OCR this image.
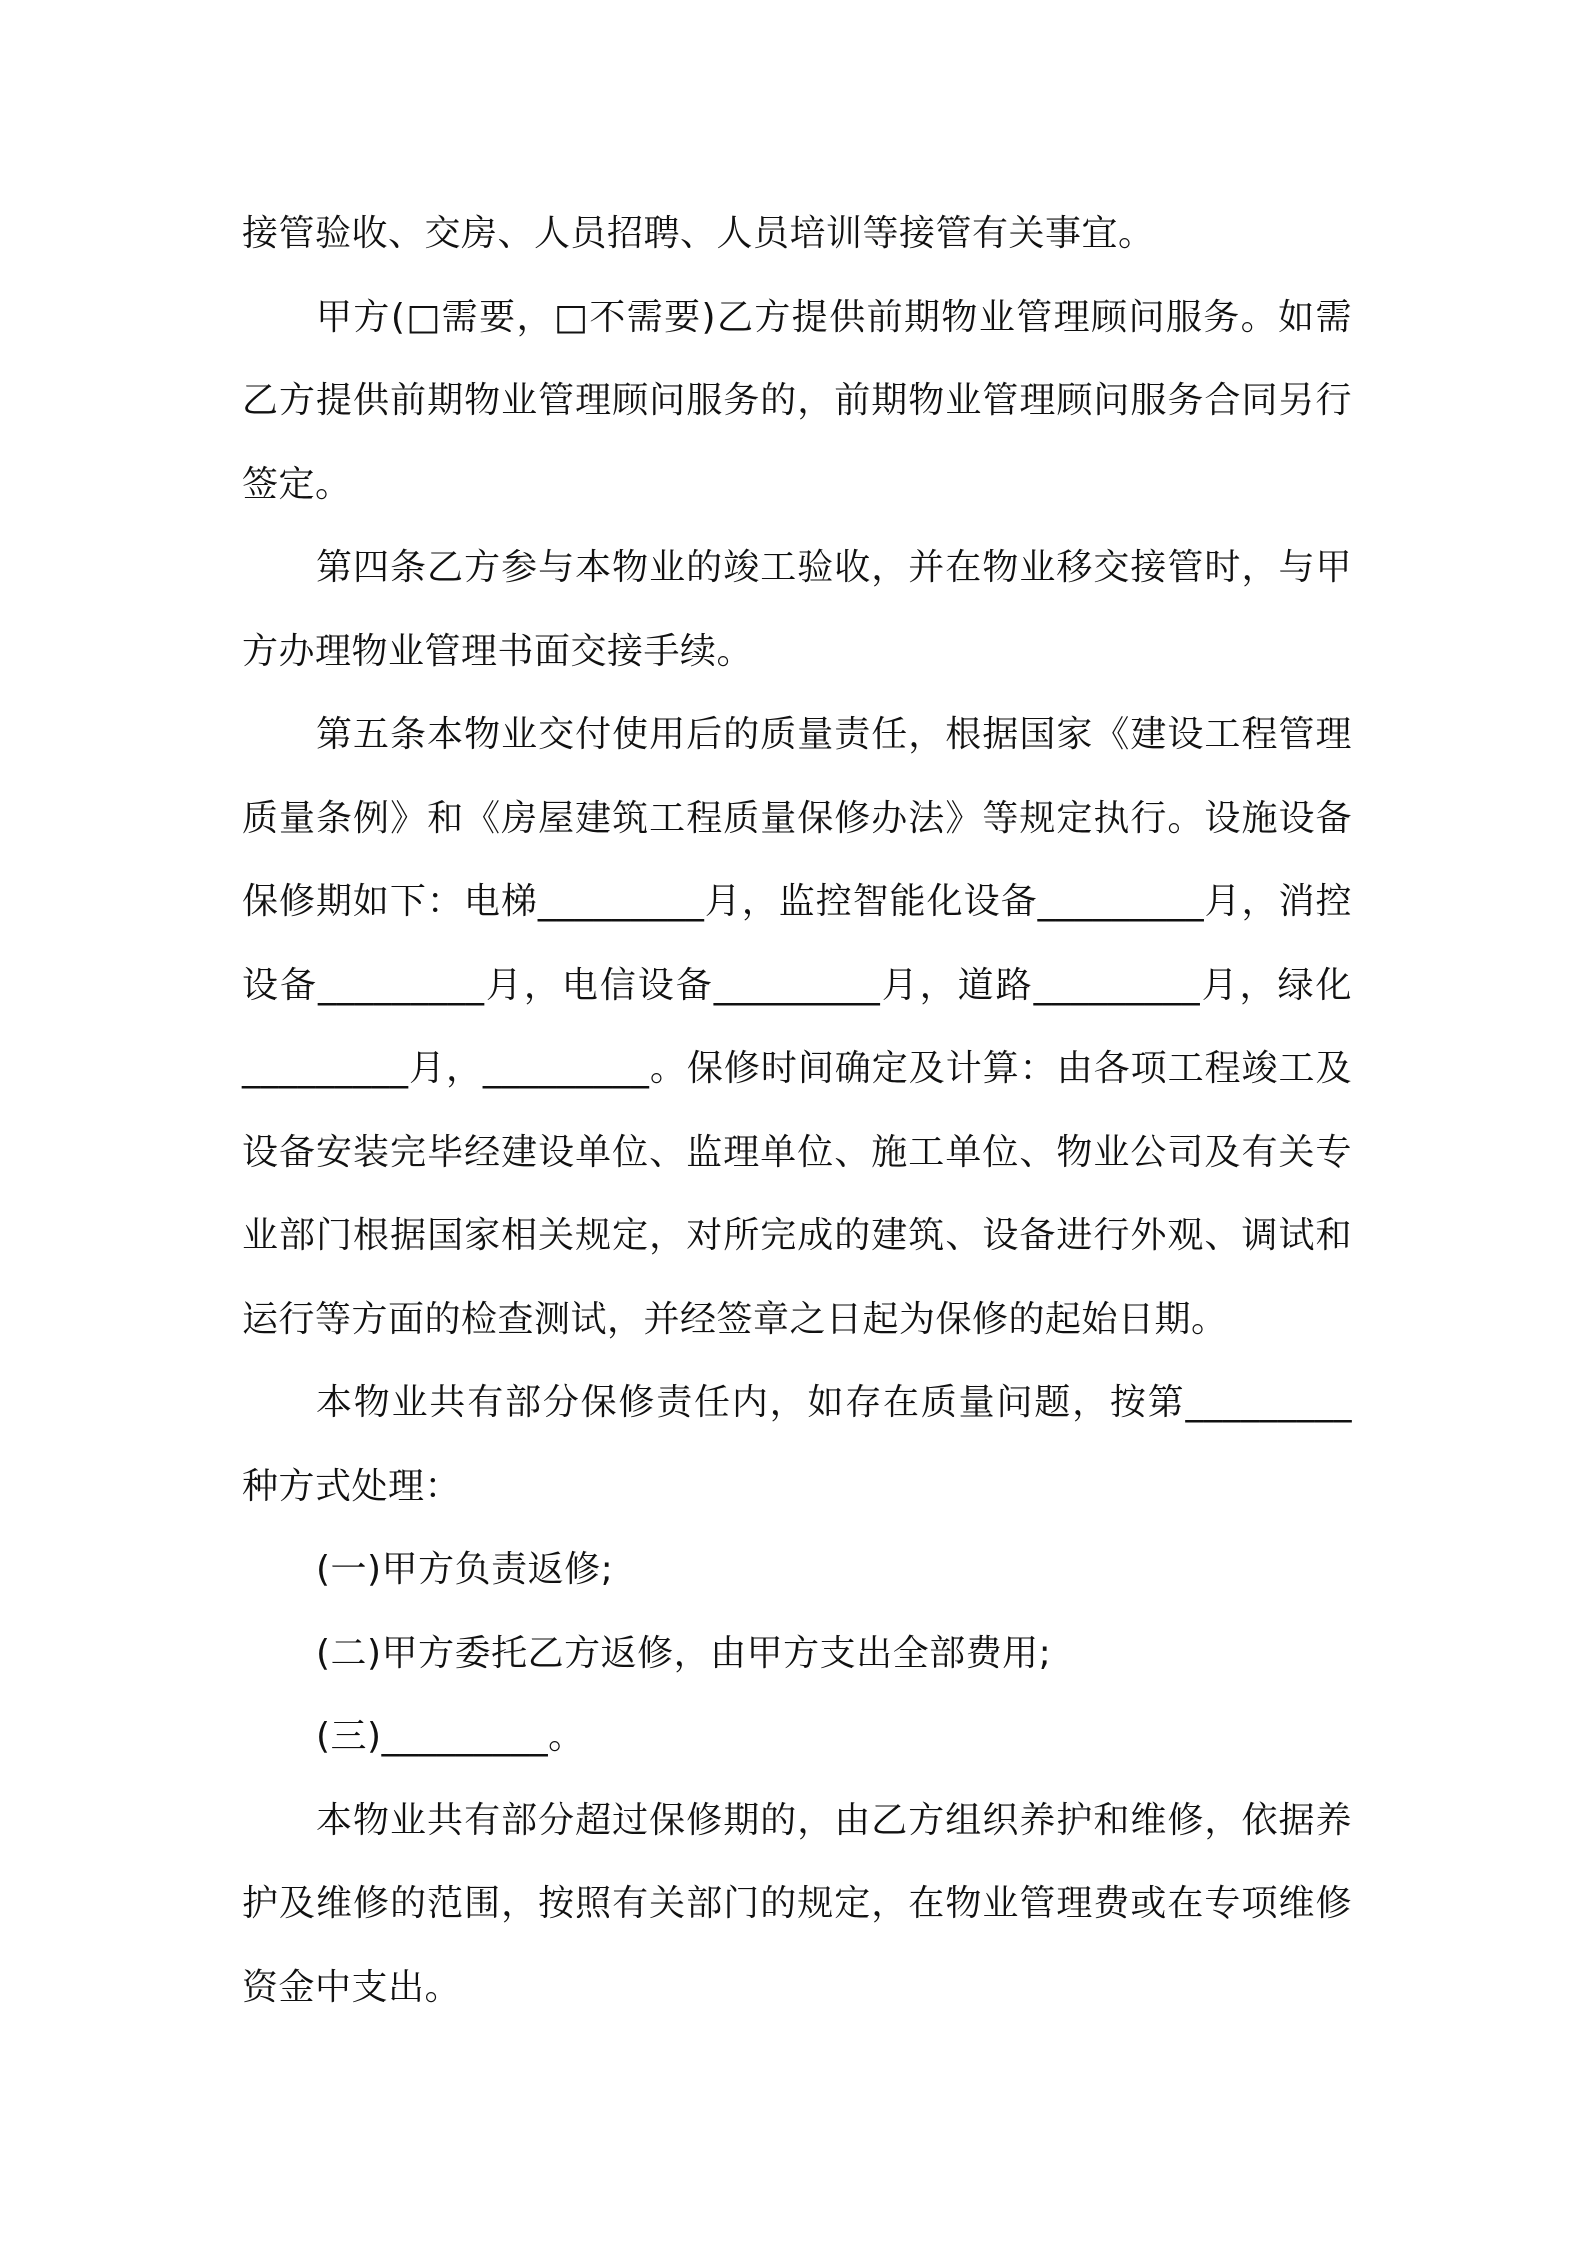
接管验收、交房、人员招聘、人员培训等接管有关事宜。

甲方(□需要，□不需要)乙方提供前期物业管理顾问服务。如需乙方提供前期物业管理顾问服务的，前期物业管理顾问服务合同另行签定。

第四条乙方参与本物业的竣工验收，并在物业移交接管时，与甲方办理物业管理书面交接手续。

第五条本物业交付使用后的质量责任，根据国家《建设工程管理质量条例》和《房屋建筑工程质量保修办法》等规定执行。设施设备保修期如下：电梯_________月，监控智能化设备_________月，消控设备_________月，电信设备_________月，道路_________月，绿化_________月，_________。保修时间确定及计算：由各项工程竣工及设备安装完毕经建设单位、监理单位、施工单位、物业公司及有关专业部门根据国家相关规定，对所完成的建筑、设备进行外观、调试和运行等方面的检查测试，并经签章之日起为保修的起始日期。

本物业共有部分保修责任内，如存在质量问题，按第_________种方式处理：

(一)甲方负责返修;

(二)甲方委托乙方返修，由甲方支出全部费用;

(三)_________。

本物业共有部分超过保修期的，由乙方组织养护和维修，依据养护及维修的范围，按照有关部门的规定，在物业管理费或在专项维修资金中支出。
